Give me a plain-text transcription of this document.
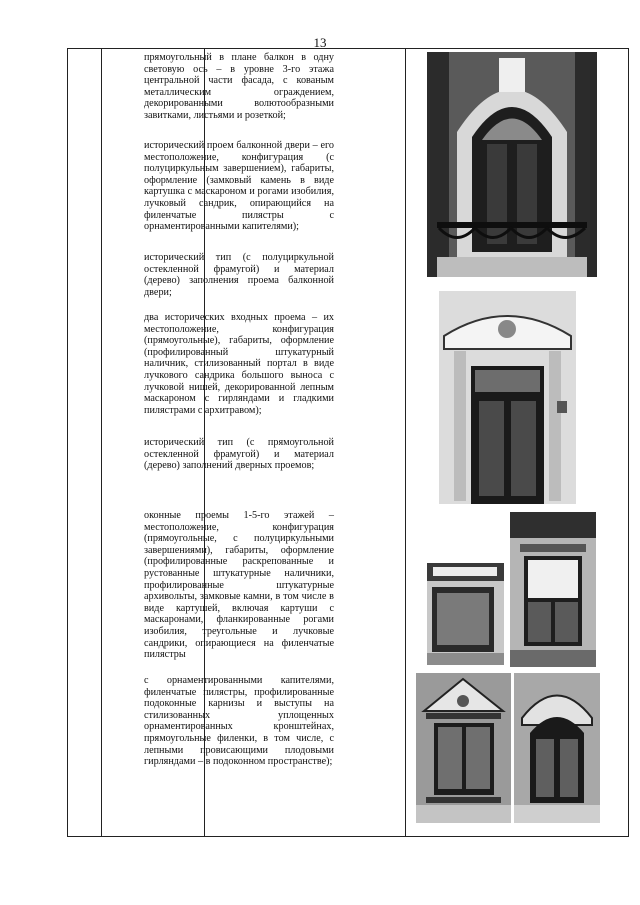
13

прямоугольный в плане балкон в одну световую ось – в уровне 3-го этажа центральной части фасада, с кованым металлическим ограждением, декорированными волютообразными завитками, листьями и розеткой;

исторический проем балконной двери – его местоположение, конфигурация (с полуциркульным завершением), габариты, оформление (замковый камень в виде картушка с маскароном и рогами изобилия, лучковый сандрик, опирающийся на филенчатые пилястры с орнаментированными капителями);

исторический тип (с полуциркульной остекленной фрамугой) и материал (дерево) заполнения проема балконной двери;

два исторических входных проема – их местоположение, конфигурация (прямоугольные), габариты, оформление (профилированный штукатурный наличник, стилизованный портал в виде лучкового сандрика большого выноса с лучковой нишей, декорированной лепным маскароном с гирляндами и гладкими пилястрами с архитравом);

исторический тип (с прямоугольной остекленной фрамугой) и материал (дерево) заполнений дверных проемов;

оконные проемы 1-5-го этажей – местоположение, конфигурация (прямоугольные, с полуциркульными завершениями), габариты, оформление (профилированные раскрепованные и рустованные штукатурные наличники, профилированные штукатурные архивольты, замковые камни, в том числе в виде картушей, включая картуши с маскаронами, фланкированные рогами изобилия, треугольные и лучковые сандрики, опирающиеся на филенчатые пилястры

с орнаментированными капителями, филенчатые пилястры, профилированные подоконные карнизы и выступы на стилизованных уплощенных орнаментированных кронштейнах, прямоугольные филенки, в том числе, с лепными провисающими плодовыми гирляндами – в подоконном пространстве);
